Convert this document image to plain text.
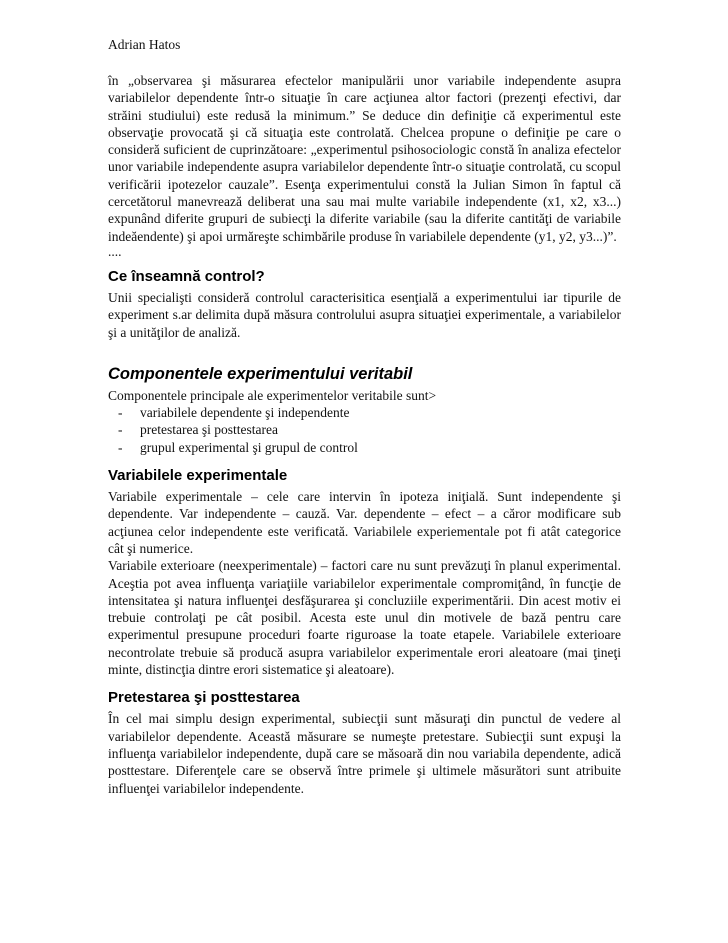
Adrian Hatos

în „observarea şi măsurarea efectelor manipulării unor variabile independente asupra variabilelor dependente într-o situaţie în care acţiunea altor factori (prezenţi efectivi, dar străini studiului) este redusă la minimum.” Se deduce din definiţie că experimentul este observaţie provocată şi că situaţia este controlată. Chelcea propune o definiţie pe care o consideră suficient de cuprinzătoare: „experimentul psihosociologic constă în analiza efectelor unor variabile independente asupra variabilelor dependente într-o situaţie controlată, cu scopul verificării ipotezelor cauzale”. Esenţa experimentului constă la Julian Simon în faptul că cercetătorul manevrează deliberat una sau mai multe variabile independente (x1, x2, x3...) expunând diferite grupuri de subiecţi la diferite variabile (sau la diferite cantităţi de variabile indeăendente) şi apoi urmăreşte schimbările produse în variabilele dependente (y1, y2, y3...)”.

....
Ce înseamnă control?

Unii specialişti consideră controlul caracterisitica esenţială a experimentului iar tipurile de experiment s.ar delimita după măsura controlului asupra situaţiei experimentale, a variabilelor şi a unităţilor de analiză.

Componentele experimentului veritabil

Componentele principale ale experimentelor veritabile sunt>

- variabilele dependente şi independente
- pretestarea şi posttestarea
- grupul experimental şi grupul de control
Variabilele experimentale

Variabile experimentale – cele care intervin în ipoteza iniţială. Sunt independente şi dependente. Var independente – cauză. Var. dependente – efect – a căror modificare sub acţiunea celor independente este verificată. Variabilele experiementale pot fi atât categorice cât şi numerice.

Variabile exterioare (neexperimentale) – factori care nu sunt prevăzuţi în planul experimental. Aceştia pot avea influenţa variaţiile variabilelor experimentale compromiţând, în funcţie de intensitatea şi natura influenţei desfăşurarea şi concluziile experimentării. Din acest motiv ei trebuie controlaţi pe cât posibil. Acesta este unul din motivele de bază pentru care experimentul presupune proceduri foarte riguroase la toate etapele. Variabilele exterioare necontrolate trebuie să producă asupra variabilelor experimentale erori aleatoare (mai ţineţi minte, distincţia dintre erori sistematice şi aleatoare).

Pretestarea şi posttestarea

În cel mai simplu design experimental, subiecţii sunt măsuraţi din punctul de vedere al variabilelor dependente. Această măsurare se numeşte pretestare. Subiecţii sunt expuşi la influenţa variabilelor independente, după care se măsoară din nou variabila dependente, adică posttestare. Diferenţele care se observă între primele şi ultimele măsurători sunt atribuite influenţei variabilelor independente.
